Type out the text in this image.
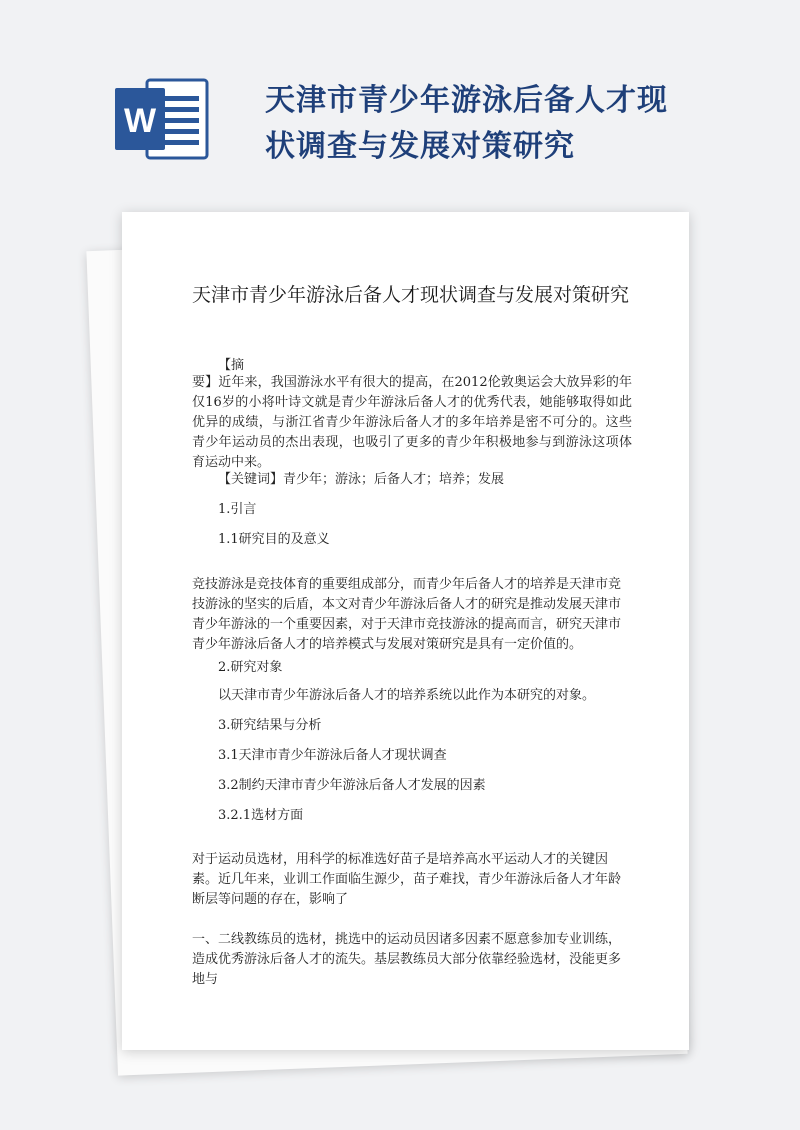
W
天津市青少年游泳后备人才现
状调查与发展对策研究
天津市青少年游泳后备人才现状调查与发展对策研究
【摘
要】近年来，我国游泳水平有很大的提高，在2012伦敦奥运会大放异彩的年仅16岁的小将叶诗文就是青少年游泳后备人才的优秀代表，她能够取得如此优异的成绩，与浙江省青少年游泳后备人才的多年培养是密不可分的。这些青少年运动员的杰出表现，也吸引了更多的青少年积极地参与到游泳这项体育运动中来。
【关键词】青少年；游泳；后备人才；培养；发展
1.引言
1.1研究目的及意义
竞技游泳是竞技体育的重要组成部分，而青少年后备人才的培养是天津市竞技游泳的坚实的后盾，本文对青少年游泳后备人才的研究是推动发展天津市青少年游泳的一个重要因素，对于天津市竞技游泳的提高而言，研究天津市青少年游泳后备人才的培养模式与发展对策研究是具有一定价值的。
2.研究对象
以天津市青少年游泳后备人才的培养系统以此作为本研究的对象。
3.研究结果与分析
3.1天津市青少年游泳后备人才现状调查
3.2制约天津市青少年游泳后备人才发展的因素
3.2.1选材方面
对于运动员选材，用科学的标准选好苗子是培养高水平运动人才的关键因素。近几年来，业训工作面临生源少，苗子难找，青少年游泳后备人才年龄断层等问题的存在，影响了
一、二线教练员的选材，挑选中的运动员因诸多因素不愿意参加专业训练，造成优秀游泳后备人才的流失。基层教练员大部分依靠经验选材，没能更多地与
